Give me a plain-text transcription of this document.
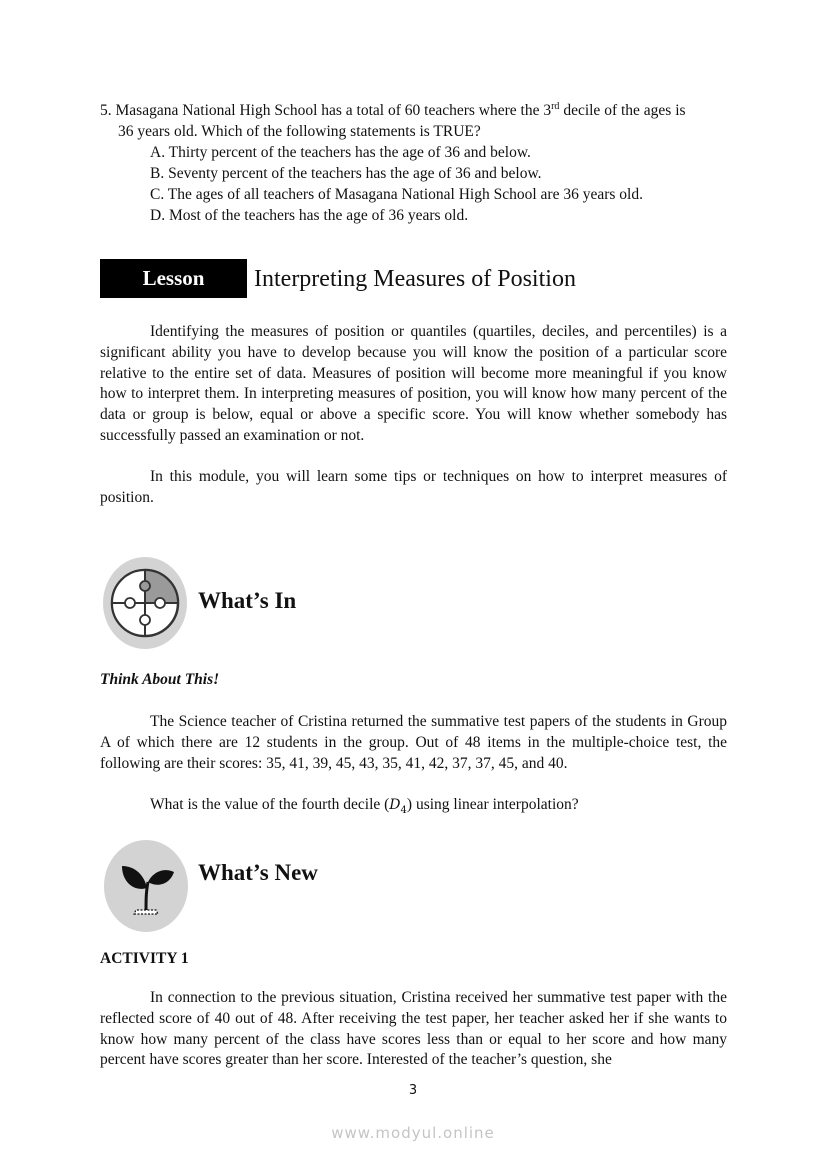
5. Masagana National High School has a total of 60 teachers where the 3rd decile of the ages is
36 years old. Which of the following statements is TRUE?
A. Thirty percent of the teachers has the age of 36 and below.
B. Seventy percent of the teachers has the age of 36 and below.
C. The ages of all teachers of Masagana National High School are 36 years old.
D. Most of the teachers has the age of 36 years old.
Lesson	Interpreting Measures of Position
Identifying the measures of position or quantiles (quartiles, deciles, and percentiles) is a significant ability you have to develop because you will know the position of a particular score relative to the entire set of data. Measures of position will become more meaningful if you know how to interpret them. In interpreting measures of position, you will know how many percent of the data or group is below, equal or above a specific score. You will know whether somebody has successfully passed an examination or not.
In this module, you will learn some tips or techniques on how to interpret measures of position.
What’s In
Think About This!
The Science teacher of Cristina returned the summative test papers of the students in Group A of which there are 12 students in the group. Out of 48 items in the multiple-choice test, the following are their scores: 35, 41, 39, 45, 43, 35, 41, 42, 37, 37, 45, and 40.
What is the value of the fourth decile $(D_4)$ using linear interpolation?
What’s New
ACTIVITY 1
In connection to the previous situation, Cristina received her summative test paper with the reflected score of 40 out of 48. After receiving the test paper, her teacher asked her if she wants to know how many percent of the class have scores less than or equal to her score and how many percent have scores greater than her score. Interested of the teacher’s question, she
3
www.modyul.online
